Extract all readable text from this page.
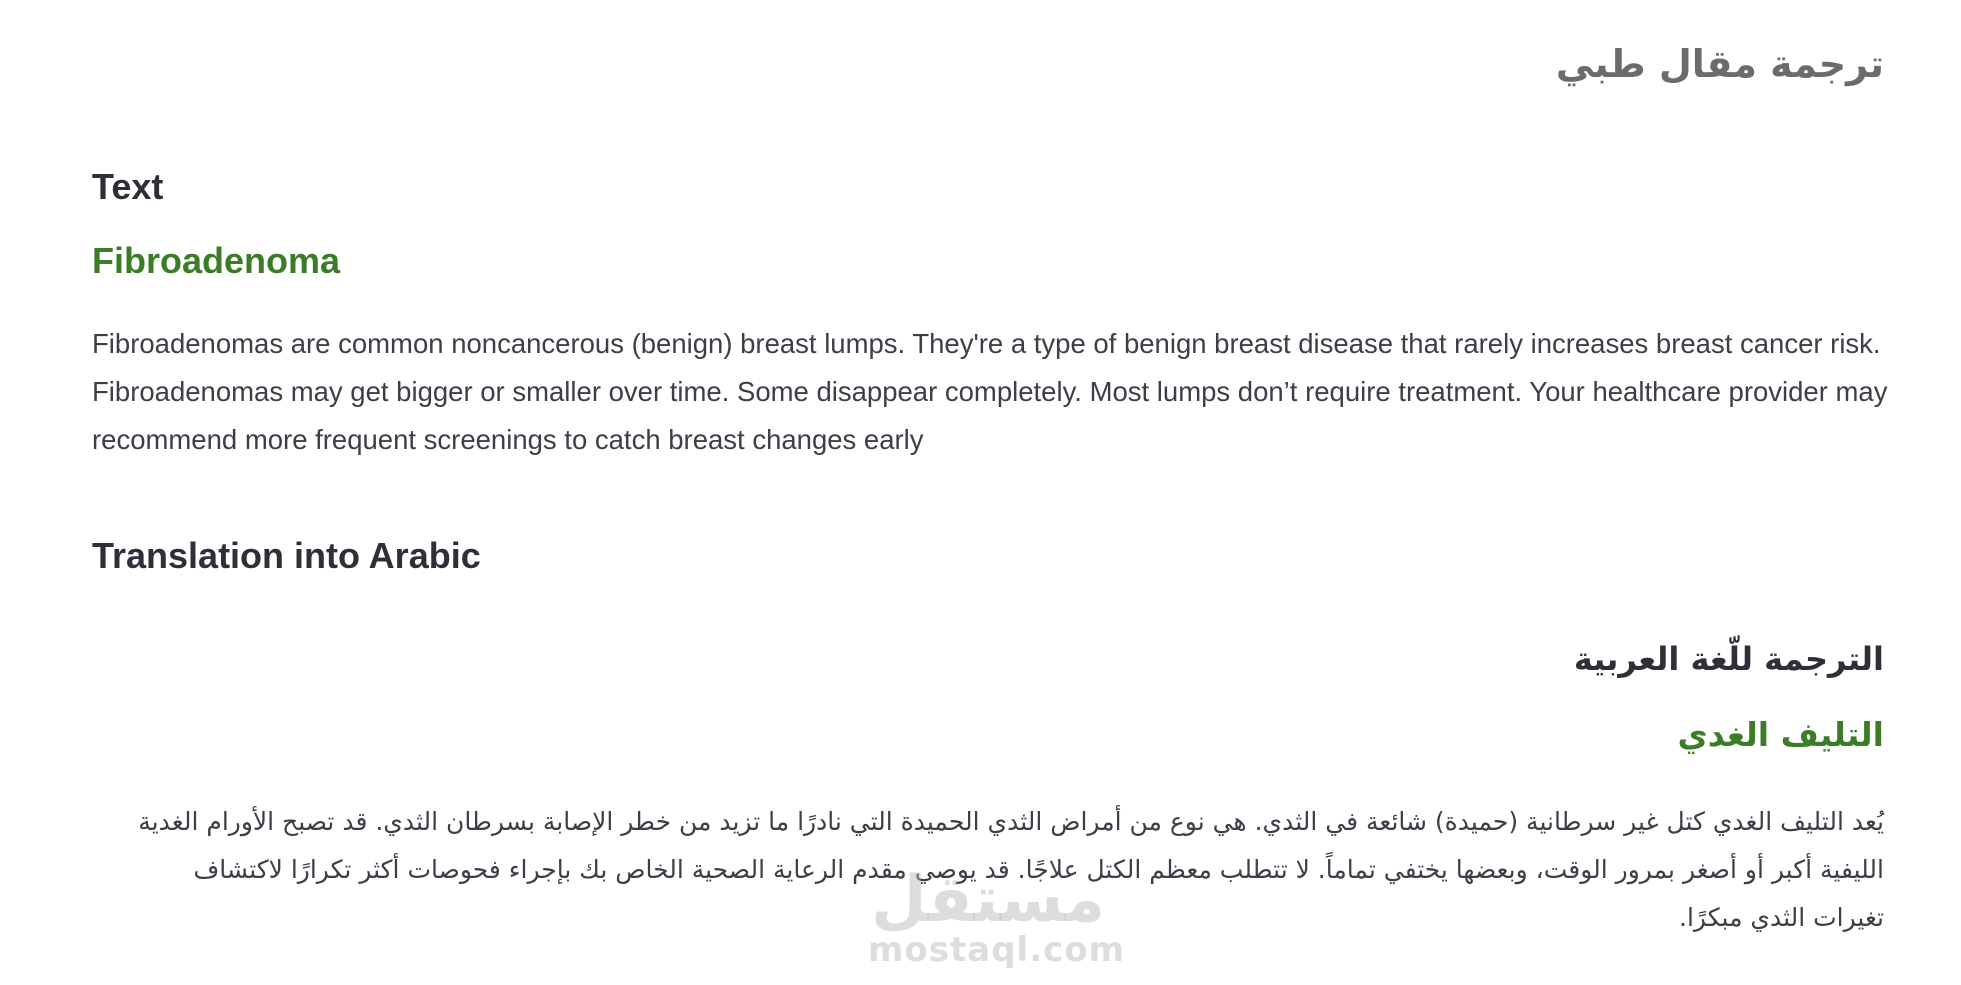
ترجمة مقال طبي
Text
Fibroadenoma

Fibroadenomas are common noncancerous (benign) breast lumps. They're a type of benign breast disease that rarely increases breast cancer risk. Fibroadenomas may get bigger or smaller over time. Some disappear completely. Most lumps don’t require treatment. Your healthcare provider may recommend more frequent screenings to catch breast changes early

Translation into Arabic
الترجمة للّغة العربية
التليف الغدي

يُعد التليف الغدي كتل غير سرطانية (حميدة) شائعة في الثدي. هي نوع من أمراض الثدي الحميدة التي نادرًا ما تزيد من خطر الإصابة بسرطان الثدي. قد تصبح الأورام الغدية الليفية أكبر أو أصغر بمرور الوقت، وبعضها يختفي تماماً. لا تتطلب معظم الكتل علاجًا. قد يوصي مقدم الرعاية الصحية الخاص بك بإجراء فحوصات أكثر تكرارًا لاكتشاف تغيرات الثدي مبكرًا.

مستقل
mostaql.com
